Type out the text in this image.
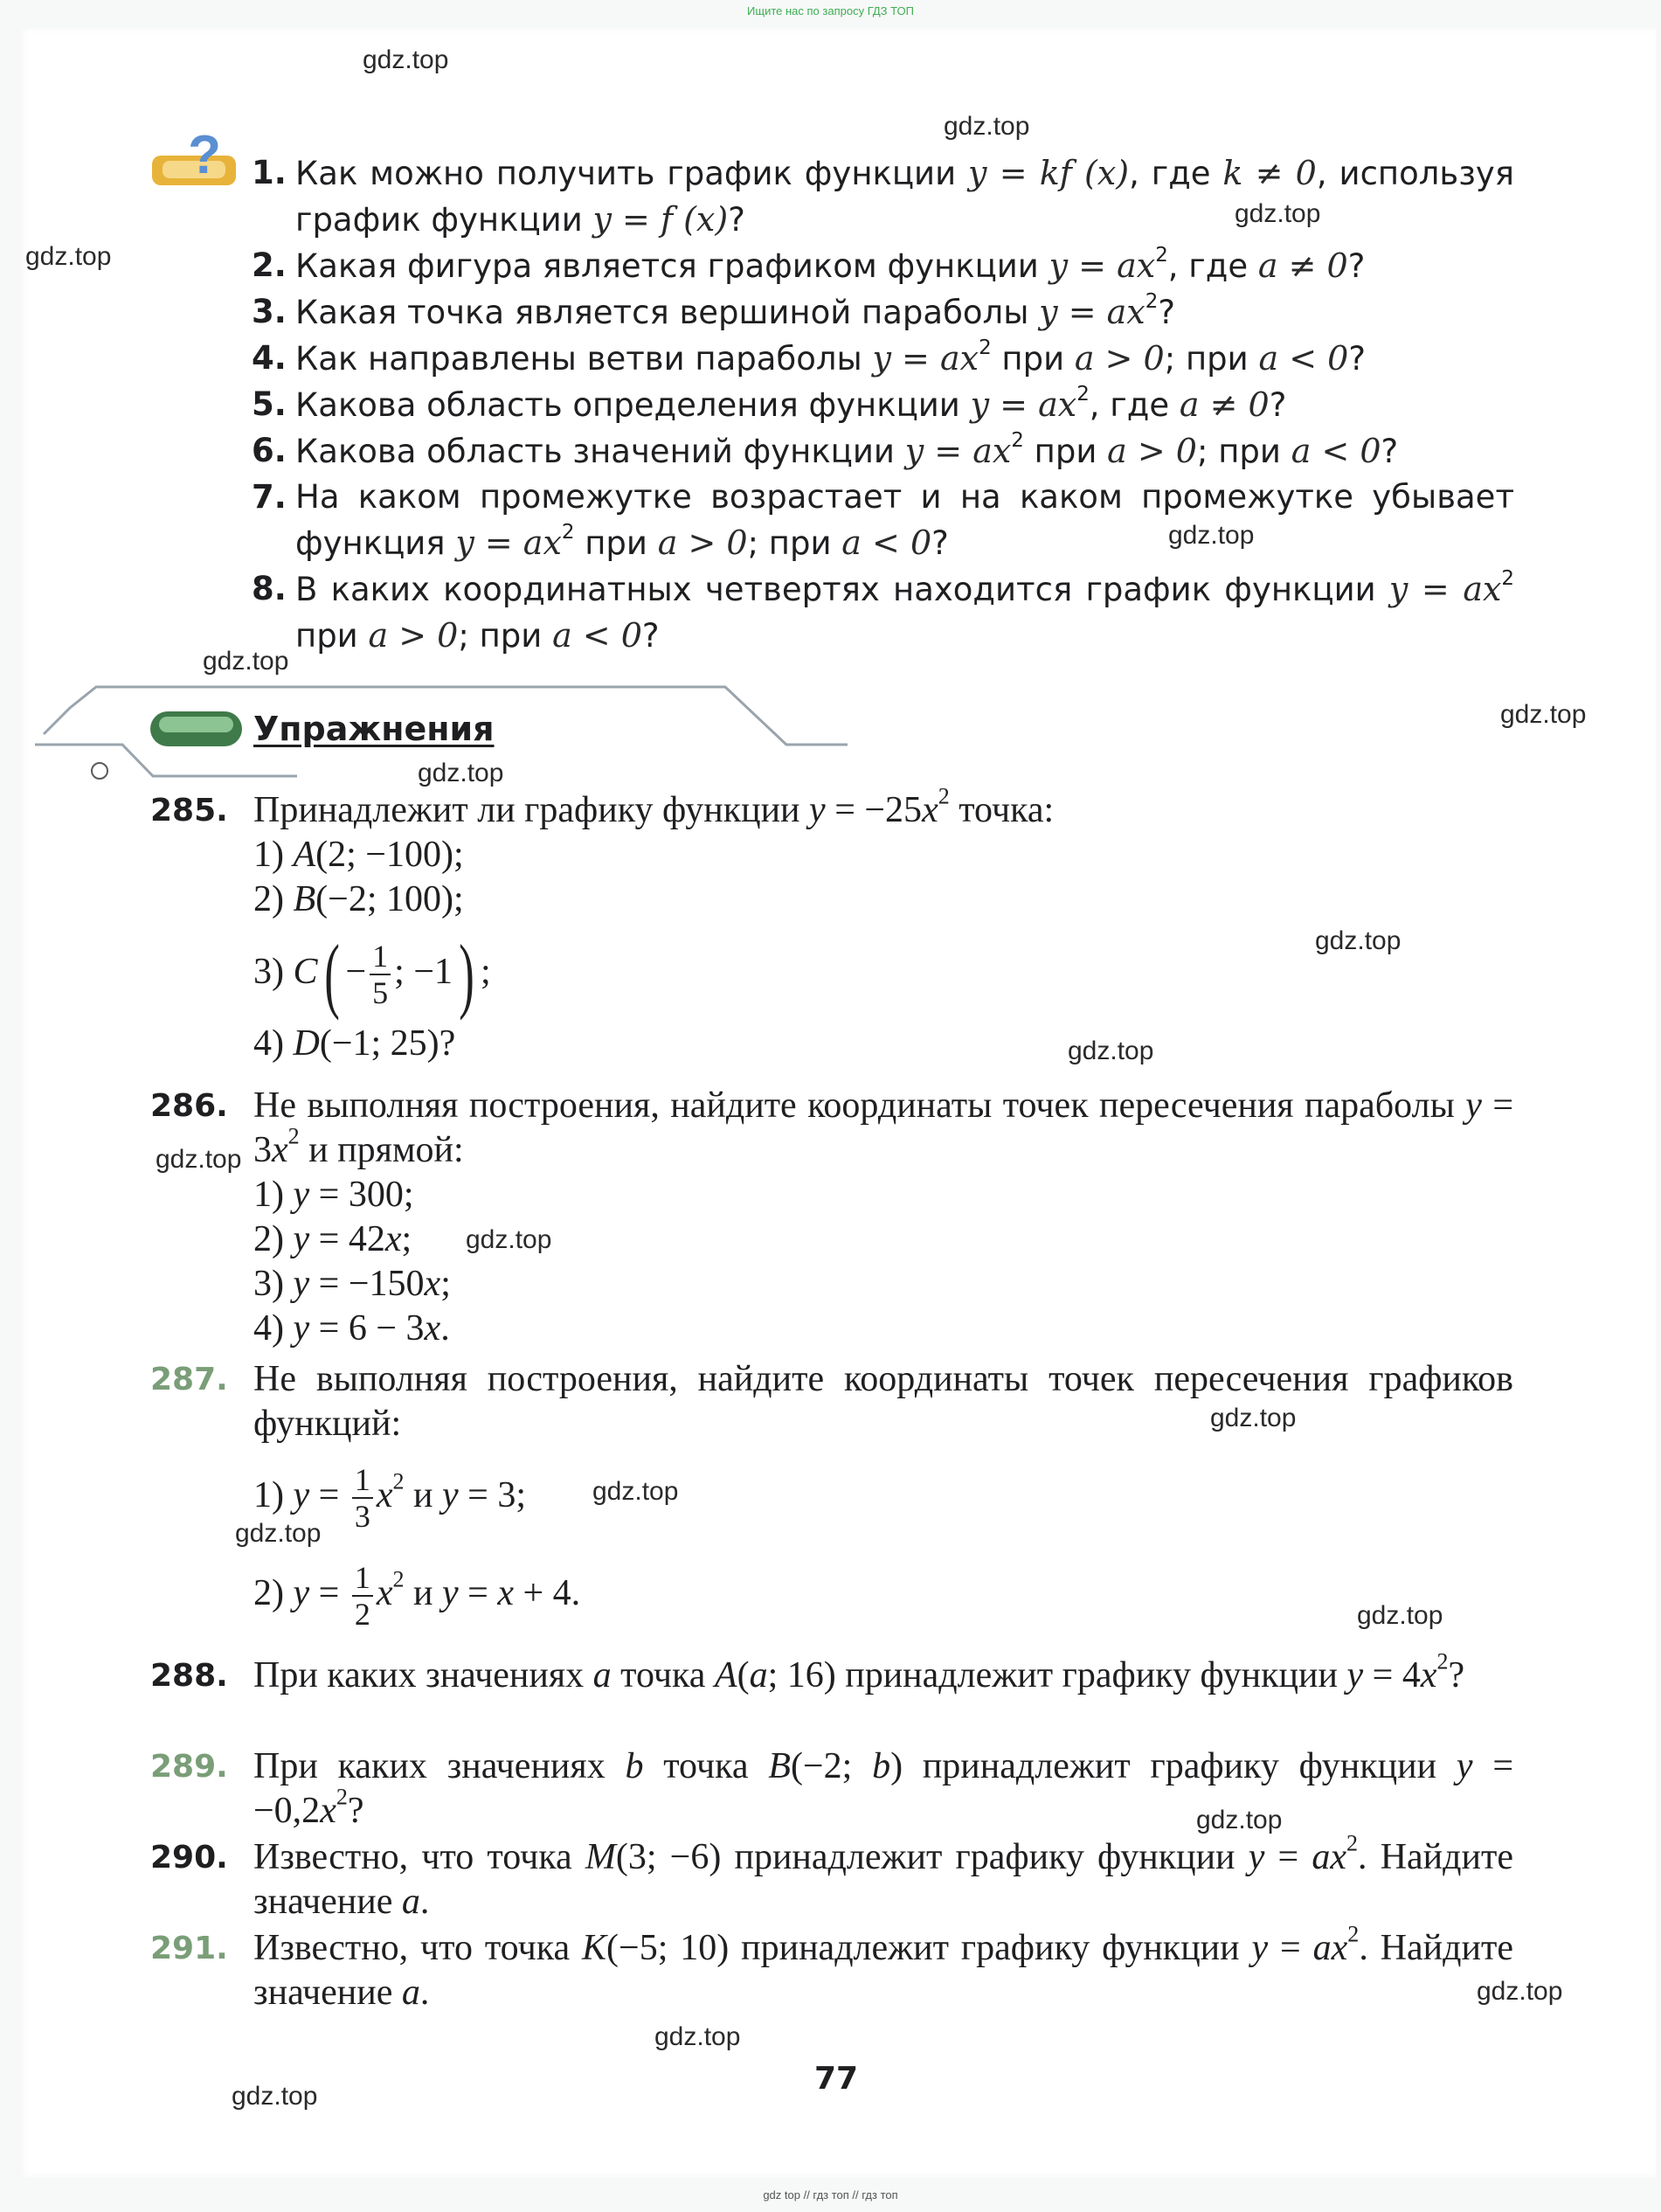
Ищите нас по запросу ГДЗ ТОП
gdz.top
gdz.top
gdz.top
gdz.top
gdz.top
gdz.top
gdz.top
gdz.top
gdz.top
gdz.top
gdz.top
gdz.top
gdz.top
gdz.top
gdz.top
gdz.top
gdz.top
gdz.top
gdz.top
gdz.top
? 1. Как можно получить график функции y = kf (x), где k ≠ 0, используя график функции y = f (x)?
2. Какая фигура является графиком функции $y = ax^2$, где a ≠ 0?
3. Какая точка является вершиной параболы $y = ax^2$?
4. Как направлены ветви параболы $y = ax^2$ при a > 0; при a < 0?
5. Какова область определения функции $y = ax^2$, где a ≠ 0?
6. Какова область значений функции $y = ax^2$ при a > 0; при a < 0?
7. На каком промежутке возрастает и на каком промежутке убывает функция $y = ax^2$ при a > 0; при a < 0?
8. В каких координатных четвертях находится график функции $y = ax^2$ при a > 0; при a < 0?
Упражнения
285. Принадлежит ли графику функции $y = -25x^2$ точка:
1) A(2; −100);
2) B(−2; 100);
3) $C( - \frac{1}{5}$ ; −1) ;
4) D(−1; 25)?
286. Не выполняя построения, найдите координаты точек пересечения параболы $y = 3x^2$ и прямой:
1) y = 300;
2) y = 42x;
3) y = −150x;
4) y = 6 − 3x.
287. Не выполняя построения, найдите координаты точек пересечения графиков функций:
1) $y = \frac{1}{3} x^2$ и y = 3;
2) $y = \frac{1}{2} x^2$ и y = x + 4.
288. При каких значениях a точка A(a; 16) принадлежит графику функции $y = 4x^2$?
289. При каких значениях b точка B(−2; b) принадлежит графику функции $y = -0,2x^2$?
290. Известно, что точка M(3; −6) принадлежит графику функции $y = ax^2$. Найдите значение a.
291. Известно, что точка K(−5; 10) принадлежит графику функции $y = ax^2$. Найдите значение a.
77
gdz top // гдз топ // гдз топ
